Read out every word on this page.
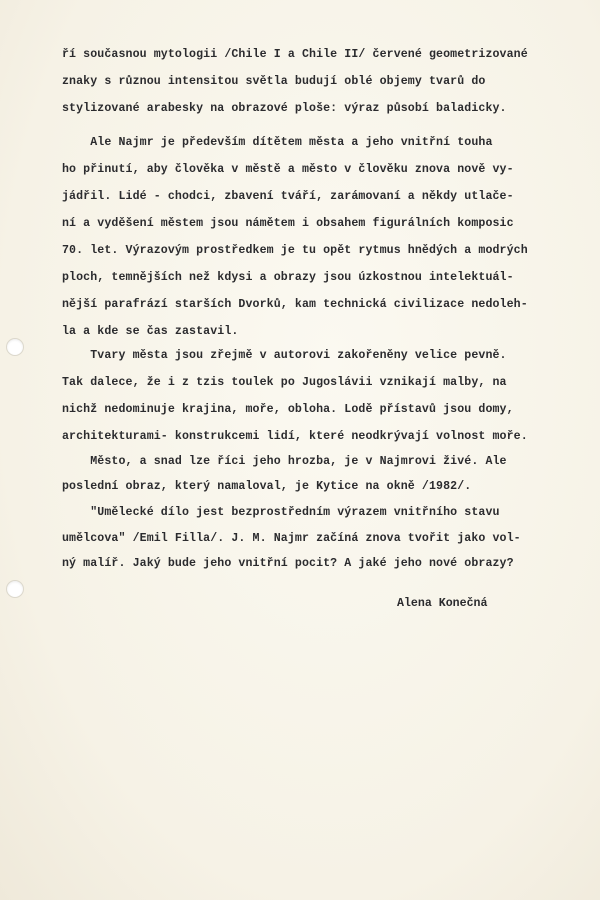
ří současnou mytologii /Chile I a Chile II/ červené geometrizované
znaky s různou intensitou světla budují oblé objemy tvarů do
stylizované arabesky na obrazové ploše: výraz působí baladicky.
Ale Najmr je především dítětem města a jeho vnitřní touha
ho přinutí, aby člověka v městě a město v člověku znova nově vy-
jádřil. Lidé - chodci, zbavení tváří, zarámovaní a někdy utlače-
ní a vyděšení městem jsou námětem i obsahem figurálních komposic
70. let. Výrazovým prostředkem je tu opět rytmus hnědých a modrých
ploch, temnějších než kdysi a obrazy jsou úzkostnou intelektuál-
nější parafrází starších Dvorků, kam technická civilizace nedoleh-
la a kde se čas zastavil.
Tvary města jsou zřejmě v autorovi zakořeněny velice pevně.
Tak dalece, že i z tzis toulek po Jugoslávii vznikají malby, na
nichž nedominuje krajina, moře, obloha. Lodě přístavů jsou domy,
architekturami- konstrukcemi lidí, které neodkrývají volnost moře.
Město, a snad lze říci jeho hrozba, je v Najmrovi živé. Ale
poslední obraz, který namaloval, je Kytice na okně /1982/.
"Umělecké dílo jest bezprostředním výrazem vnitřního stavu
umělcova" /Emil Filla/. J. M. Najmr začíná znova tvořit jako vol-
ný malíř. Jaký bude jeho vnitřní pocit? A jaké jeho nové obrazy?
Alena Konečná
